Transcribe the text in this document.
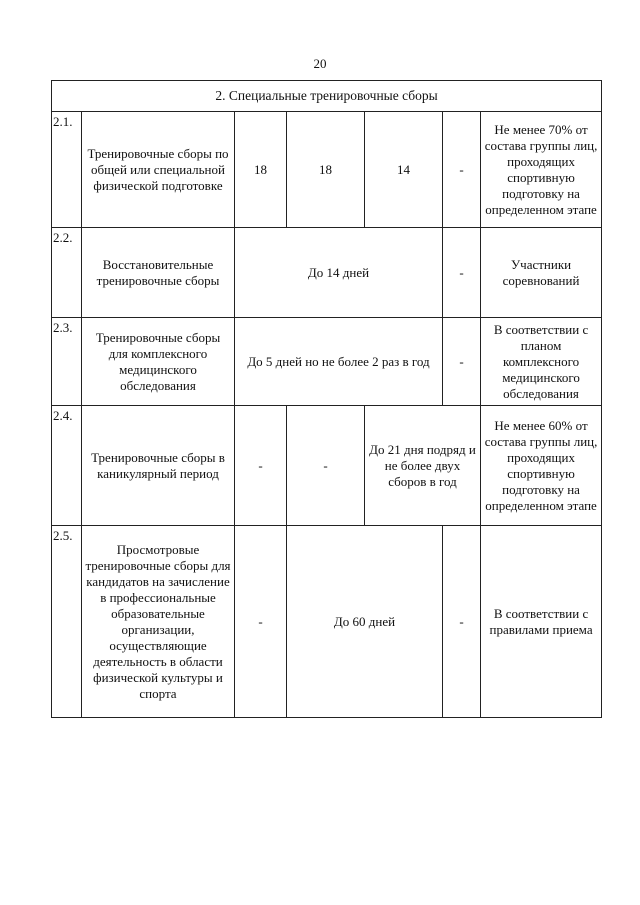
20
2. Специальные тренировочные сборы						
2.1.	Тренировочные сборы по общей или специальной физической подготовке	18	18	14	-	Не менее 70% от состава группы лиц, проходящих спортивную подготовку на определенном этапе
2.2.	Восстановительные тренировочные сборы	До 14 дней			-	Участники соревнований
2.3.	Тренировочные сборы для комплексного медицинского обследования	До 5 дней но не более 2 раз в год			-	В соответствии с планом комплексного медицинского обследования
2.4.	Тренировочные сборы в каникулярный период	-	-	До 21 дня подряд и не более двух сборов в год		Не менее 60% от состава группы лиц, проходящих спортивную подготовку на определенном этапе
2.5.	Просмотровые тренировочные сборы для кандидатов на зачисление в профессиональные образовательные организации, осуществляющие деятельность в области физической культуры и спорта	-	До 60 дней		-	В соответствии с правилами приема
